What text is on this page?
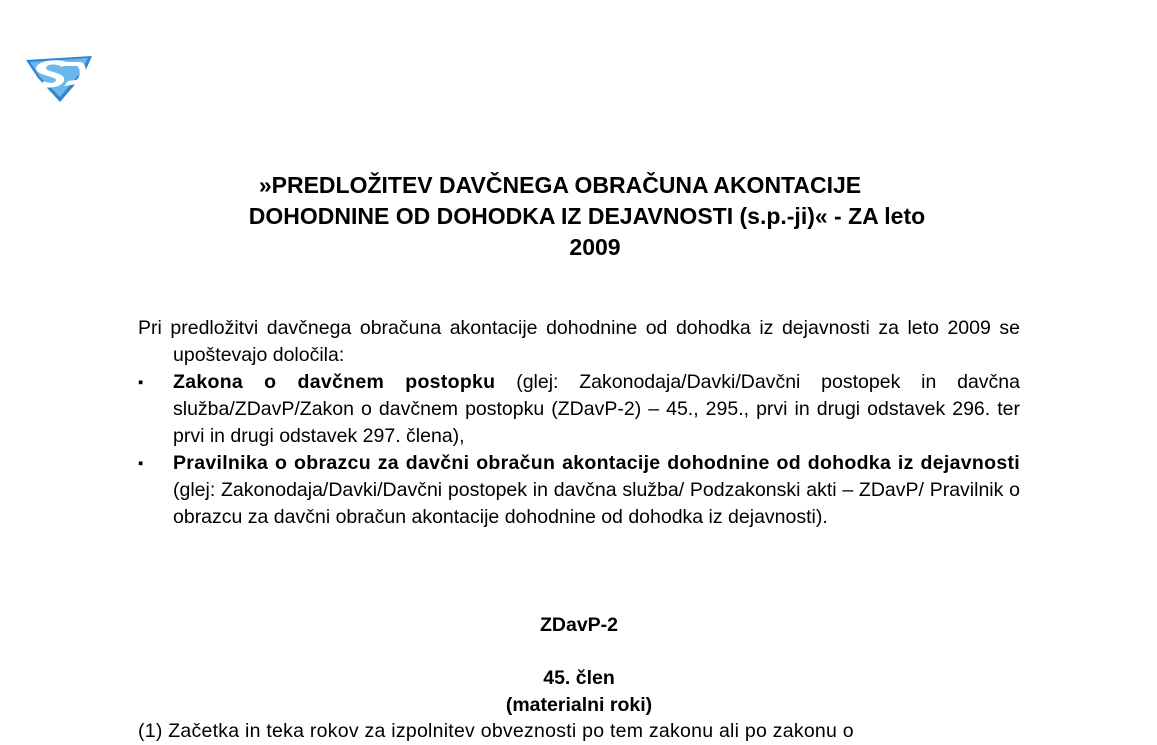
»PREDLOŽITEV DAVČNEGA OBRAČUNA AKONTACIJE
DOHODNINE OD DOHODKA IZ DEJAVNOSTI (s.p.-ji)« - ZA leto
2009

Pri predložitvi davčnega obračuna akontacije dohodnine od dohodka iz dejavnosti za leto 2009 se upoštevajo določila:

▪	Zakona o davčnem postopku (glej: Zakonodaja/Davki/Davčni postopek in davčna služba/ZDavP/Zakon o davčnem postopku (ZDavP-2) – 45., 295., prvi in drugi odstavek 296. ter prvi in drugi odstavek 297. člena),
▪	Pravilnika o obrazcu za davčni obračun akontacije dohodnine od dohodka iz dejavnosti (glej: Zakonodaja/Davki/Davčni postopek in davčna služba/ Podzakonski akti – ZDavP/ Pravilnik o obrazcu za davčni obračun akontacije dohodnine od dohodka iz dejavnosti).
ZDavP-2
45. člen
(materialni roki)
(1) Začetka in teka rokov za izpolnitev obveznosti po tem zakonu ali po zakonu o
